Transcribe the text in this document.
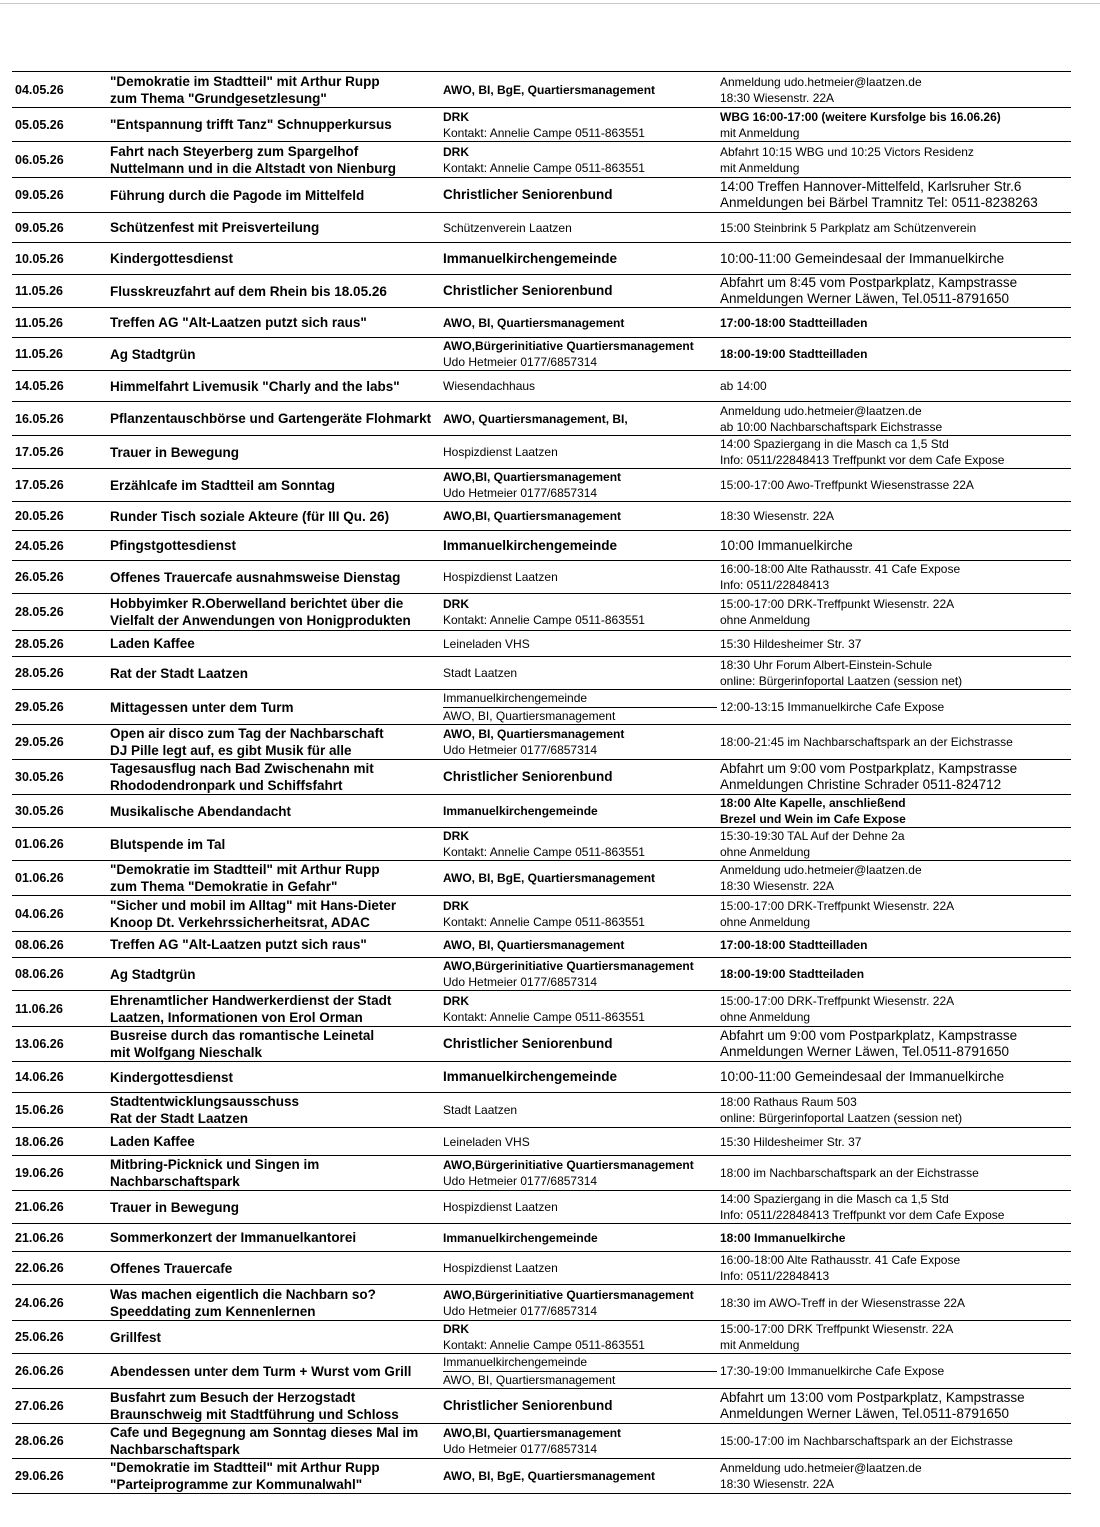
04.05.26	"Demokratie im Stadtteil" mit Arthur Rupp
zum Thema "Grundgesetzlesung"	AWO, BI, BgE, Quartiersmanagement	Anmeldung udo.hetmeier@laatzen.de
18:30 Wiesenstr. 22A

05.05.26	"Entspannung trifft Tanz" Schnupperkursus	DRK
Kontakt: Annelie Campe 0511-863551	WBG 16:00-17:00 (weitere Kursfolge bis 16.06.26)
mit Anmeldung

06.05.26	Fahrt nach Steyerberg zum Spargelhof
Nuttelmann und in die Altstadt von Nienburg	DRK
Kontakt: Annelie Campe 0511-863551	Abfahrt 10:15 WBG und 10:25 Victors Residenz
mit Anmeldung

09.05.26	Führung durch die Pagode im Mittelfeld	Christlicher Seniorenbund	14:00 Treffen Hannover-Mittelfeld, Karlsruher Str.6
Anmeldungen bei Bärbel Tramnitz Tel: 0511-8238263

09.05.26	Schützenfest mit Preisverteilung	Schützenverein Laatzen	15:00 Steinbrink 5 Parkplatz am Schützenverein

10.05.26	Kindergottesdienst	Immanuelkirchengemeinde	10:00-11:00 Gemeindesaal der Immanuelkirche

11.05.26	Flusskreuzfahrt auf dem Rhein bis 18.05.26	Christlicher Seniorenbund	Abfahrt um 8:45 vom Postparkplatz, Kampstrasse
Anmeldungen Werner Läwen, Tel.0511-8791650

11.05.26	Treffen AG "Alt-Laatzen putzt sich raus"	AWO, BI, Quartiersmanagement	17:00-18:00 Stadtteilladen

11.05.26	Ag Stadtgrün	AWO,Bürgerinitiative Quartiersmanagement
Udo Hetmeier 0177/6857314	18:00-19:00 Stadtteilladen

14.05.26	Himmelfahrt Livemusik "Charly and the labs"	Wiesendachhaus	ab 14:00

16.05.26	Pflanzentauschbörse und Gartengeräte Flohmarkt	AWO, Quartiersmanagement, BI,	Anmeldung udo.hetmeier@laatzen.de
ab 10:00 Nachbarschaftspark Eichstrasse

17.05.26	Trauer in Bewegung	Hospizdienst Laatzen	14:00 Spaziergang in die Masch ca 1,5 Std
Info: 0511/22848413 Treffpunkt vor dem Cafe Expose

17.05.26	Erzählcafe im Stadtteil am Sonntag	AWO,BI, Quartiersmanagement
Udo Hetmeier 0177/6857314	15:00-17:00 Awo-Treffpunkt Wiesenstrasse 22A

20.05.26	Runder Tisch soziale Akteure (für III Qu. 26)	AWO,BI, Quartiersmanagement	18:30 Wiesenstr. 22A

24.05.26	Pfingstgottesdienst	Immanuelkirchengemeinde	10:00 Immanuelkirche

26.05.26	Offenes Trauercafe ausnahmsweise Dienstag	Hospizdienst Laatzen	16:00-18:00 Alte Rathausstr. 41 Cafe Expose
Info: 0511/22848413

28.05.26	Hobbyimker R.Oberwelland berichtet über die
Vielfalt der Anwendungen von Honigprodukten	DRK
Kontakt: Annelie Campe 0511-863551	15:00-17:00 DRK-Treffpunkt Wiesenstr. 22A
ohne Anmeldung

28.05.26	Laden Kaffee	Leineladen VHS	15:30 Hildesheimer Str. 37

28.05.26	Rat der Stadt Laatzen	Stadt Laatzen	18:30 Uhr Forum Albert-Einstein-Schule
online: Bürgerinfoportal Laatzen (session net)

29.05.26	Mittagessen unter dem Turm	Immanuelkirchengemeinde
AWO, BI, Quartiersmanagement	12:00-13:15 Immanuelkirche Cafe Expose

29.05.26	Open air disco zum Tag der Nachbarschaft
DJ Pille legt auf, es gibt Musik für alle	AWO, BI, Quartiersmanagement
Udo Hetmeier 0177/6857314	18:00-21:45 im Nachbarschaftspark an der Eichstrasse

30.05.26	Tagesausflug nach Bad Zwischenahn mit
Rhododendronpark und Schiffsfahrt	Christlicher Seniorenbund	Abfahrt um 9:00 vom Postparkplatz, Kampstrasse
Anmeldungen Christine Schrader 0511-824712

30.05.26	Musikalische Abendandacht	Immanuelkirchengemeinde	18:00 Alte Kapelle, anschließend
Brezel und Wein im Cafe Expose

01.06.26	Blutspende im Tal	DRK
Kontakt: Annelie Campe 0511-863551	15:30-19:30 TAL Auf der Dehne 2a
ohne Anmeldung

01.06.26	"Demokratie im Stadtteil" mit Arthur Rupp
zum Thema "Demokratie in Gefahr"	AWO, BI, BgE, Quartiersmanagement	Anmeldung udo.hetmeier@laatzen.de
18:30 Wiesenstr. 22A

04.06.26	"Sicher und mobil im Alltag" mit Hans-Dieter
Knoop Dt. Verkehrssicherheitsrat, ADAC	DRK
Kontakt: Annelie Campe 0511-863551	15:00-17:00 DRK-Treffpunkt Wiesenstr. 22A
ohne Anmeldung

08.06.26	Treffen AG "Alt-Laatzen putzt sich raus"	AWO, BI, Quartiersmanagement	17:00-18:00 Stadtteilladen

08.06.26	Ag Stadtgrün	AWO,Bürgerinitiative Quartiersmanagement
Udo Hetmeier 0177/6857314	18:00-19:00 Stadtteiladen

11.06.26	Ehrenamtlicher Handwerkerdienst der Stadt
Laatzen, Informationen von Erol Orman	DRK
Kontakt: Annelie Campe 0511-863551	15:00-17:00 DRK-Treffpunkt Wiesenstr. 22A
ohne Anmeldung

13.06.26	Busreise durch das romantische Leinetal
mit Wolfgang Nieschalk	Christlicher Seniorenbund	Abfahrt um 9:00 vom Postparkplatz, Kampstrasse
Anmeldungen Werner Läwen, Tel.0511-8791650

14.06.26	Kindergottesdienst	Immanuelkirchengemeinde	10:00-11:00 Gemeindesaal der Immanuelkirche

15.06.26	Stadtentwicklungsausschuss
Rat der Stadt Laatzen	Stadt Laatzen	18:00 Rathaus Raum 503
online: Bürgerinfoportal Laatzen (session net)

18.06.26	Laden Kaffee	Leineladen VHS	15:30 Hildesheimer Str. 37

19.06.26	Mitbring-Picknick und Singen im
Nachbarschaftspark	AWO,Bürgerinitiative Quartiersmanagement
Udo Hetmeier 0177/6857314	18:00 im Nachbarschaftspark an der Eichstrasse

21.06.26	Trauer in Bewegung	Hospizdienst Laatzen	14:00 Spaziergang in die Masch ca 1,5 Std
Info: 0511/22848413 Treffpunkt vor dem Cafe Expose

21.06.26	Sommerkonzert der Immanuelkantorei	Immanuelkirchengemeinde	18:00 Immanuelkirche

22.06.26	Offenes Trauercafe	Hospizdienst Laatzen	16:00-18:00 Alte Rathausstr. 41 Cafe Expose
Info: 0511/22848413

24.06.26	Was machen eigentlich die Nachbarn so?
Speeddating zum Kennenlernen	AWO,Bürgerinitiative Quartiersmanagement
Udo Hetmeier 0177/6857314	18:30 im AWO-Treff in der Wiesenstrasse 22A

25.06.26	Grillfest	DRK
Kontakt: Annelie Campe 0511-863551	15:00-17:00 DRK Treffpunkt Wiesenstr. 22A
mit Anmeldung

26.06.26	Abendessen unter dem Turm + Wurst vom Grill	Immanuelkirchengemeinde
AWO, BI, Quartiersmanagement	17:30-19:00 Immanuelkirche Cafe Expose

27.06.26	Busfahrt zum Besuch der Herzogstadt
Braunschweig mit Stadtführung und Schloss	Christlicher Seniorenbund	Abfahrt um 13:00 vom Postparkplatz, Kampstrasse
Anmeldungen Werner Läwen, Tel.0511-8791650

28.06.26	Cafe und Begegnung am Sonntag dieses Mal im
Nachbarschaftspark	AWO,BI, Quartiersmanagement
Udo Hetmeier 0177/6857314	15:00-17:00 im Nachbarschaftspark an der Eichstrasse

29.06.26	"Demokratie im Stadtteil" mit Arthur Rupp
"Parteiprogramme zur Kommunalwahl"	AWO, BI, BgE, Quartiersmanagement	Anmeldung udo.hetmeier@laatzen.de
18:30 Wiesenstr. 22A
